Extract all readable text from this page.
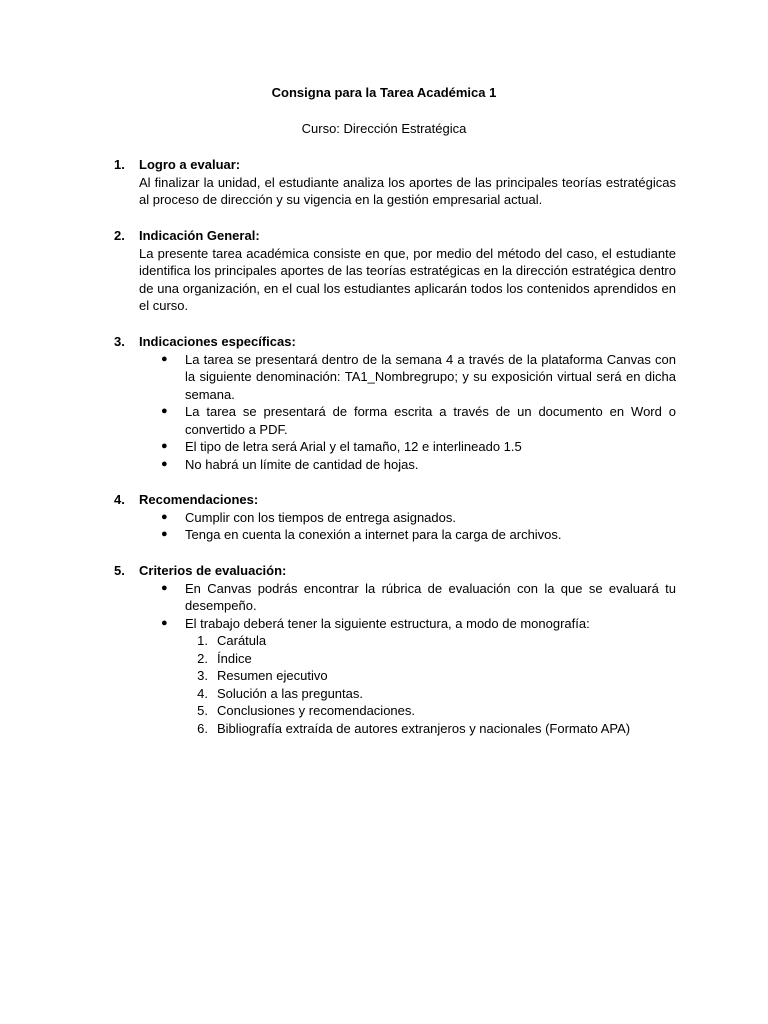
Consigna para la Tarea Académica 1
Curso: Dirección Estratégica
1.	Logro a evaluar:
Al finalizar la unidad, el estudiante analiza los aportes de las principales teorías estratégicas al proceso de dirección y su vigencia en la gestión empresarial actual.
2.	Indicación General:
La presente tarea académica consiste en que, por medio del método del caso, el estudiante identifica los principales aportes de las teorías estratégicas en la dirección estratégica dentro de una organización, en el cual los estudiantes aplicarán todos los contenidos aprendidos en el curso.
3.	Indicaciones específicas:
●	La tarea se presentará dentro de la semana 4 a través de la plataforma Canvas con la siguiente denominación: TA1_Nombregrupo; y su exposición virtual será en dicha semana.
●	La tarea se presentará de forma escrita a través de un documento en Word o convertido a PDF.
●	El tipo de letra será Arial y el tamaño, 12 e interlineado 1.5
●	No habrá un límite de cantidad de hojas.
4.	Recomendaciones:
●	Cumplir con los tiempos de entrega asignados.
●	Tenga en cuenta la conexión a internet para la carga de archivos.
5.	Criterios de evaluación:
●	En Canvas podrás encontrar la rúbrica de evaluación con la que se evaluará tu desempeño.
●	El trabajo deberá tener la siguiente estructura, a modo de monografía:
1. Carátula
2. Índice
3. Resumen ejecutivo
4. Solución a las preguntas.
5. Conclusiones y recomendaciones.
6. Bibliografía extraída de autores extranjeros y nacionales (Formato APA)
